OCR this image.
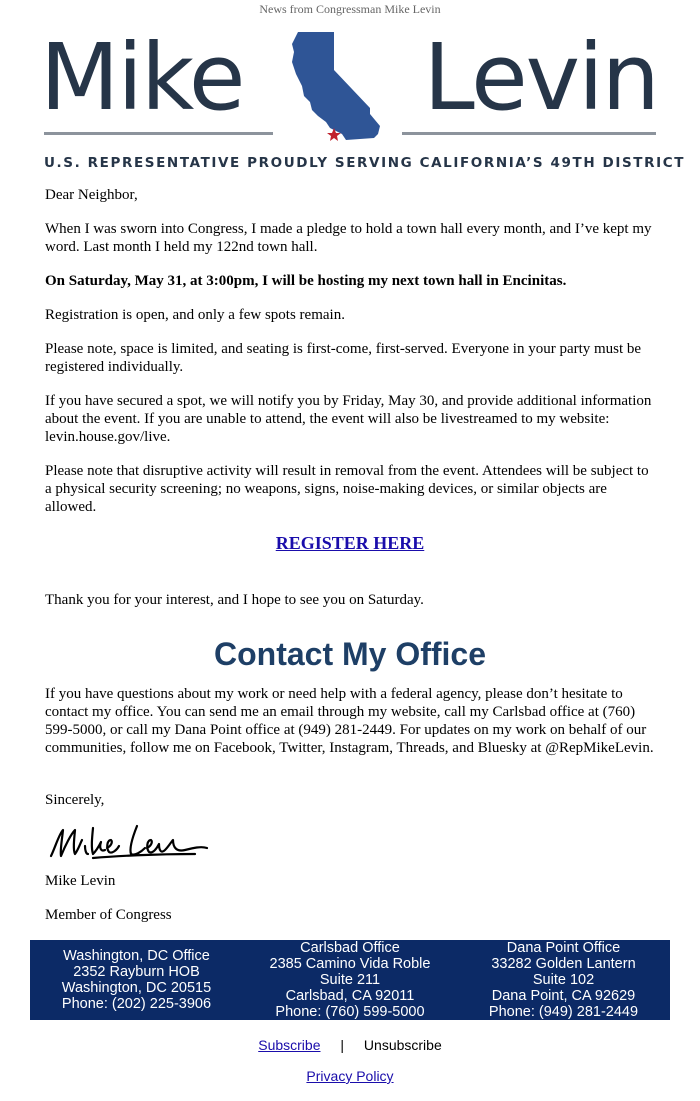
News from Congressman Mike Levin
Mike Levin
U.S. REPRESENTATIVE PROUDLY SERVING CALIFORNIA’S 49TH DISTRICT
Dear Neighbor,
When I was sworn into Congress, I made a pledge to hold a town hall every month, and I’ve kept my word. Last month I held my 122nd town hall.
On Saturday, May 31, at 3:00pm, I will be hosting my next town hall in Encinitas.
Registration is open, and only a few spots remain.
Please note, space is limited, and seating is first-come, first-served. Everyone in your party must be registered individually.
If you have secured a spot, we will notify you by Friday, May 30, and provide additional information about the event. If you are unable to attend, the event will also be livestreamed to my website: levin.house.gov/live.
Please note that disruptive activity will result in removal from the event. Attendees will be subject to a physical security screening; no weapons, signs, noise-making devices, or similar objects are allowed.
REGISTER HERE
Thank you for your interest, and I hope to see you on Saturday.
Contact My Office
If you have questions about my work or need help with a federal agency, please don’t hesitate to contact my office. You can send me an email through my website, call my Carlsbad office at (760) 599-5000, or call my Dana Point office at (949) 281-2449. For updates on my work on behalf of our communities, follow me on Facebook, Twitter, Instagram, Threads, and Bluesky at @RepMikeLevin.
Sincerely,
Mike Levin
Member of Congress
Washington, DC Office
2352 Rayburn HOB
Washington, DC 20515
Phone: (202) 225-3906
Carlsbad Office
2385 Camino Vida Roble
Suite 211
Carlsbad, CA 92011
Phone: (760) 599-5000
Dana Point Office
33282 Golden Lantern
Suite 102
Dana Point, CA 92629
Phone: (949) 281-2449
Subscribe | Unsubscribe
Privacy Policy
